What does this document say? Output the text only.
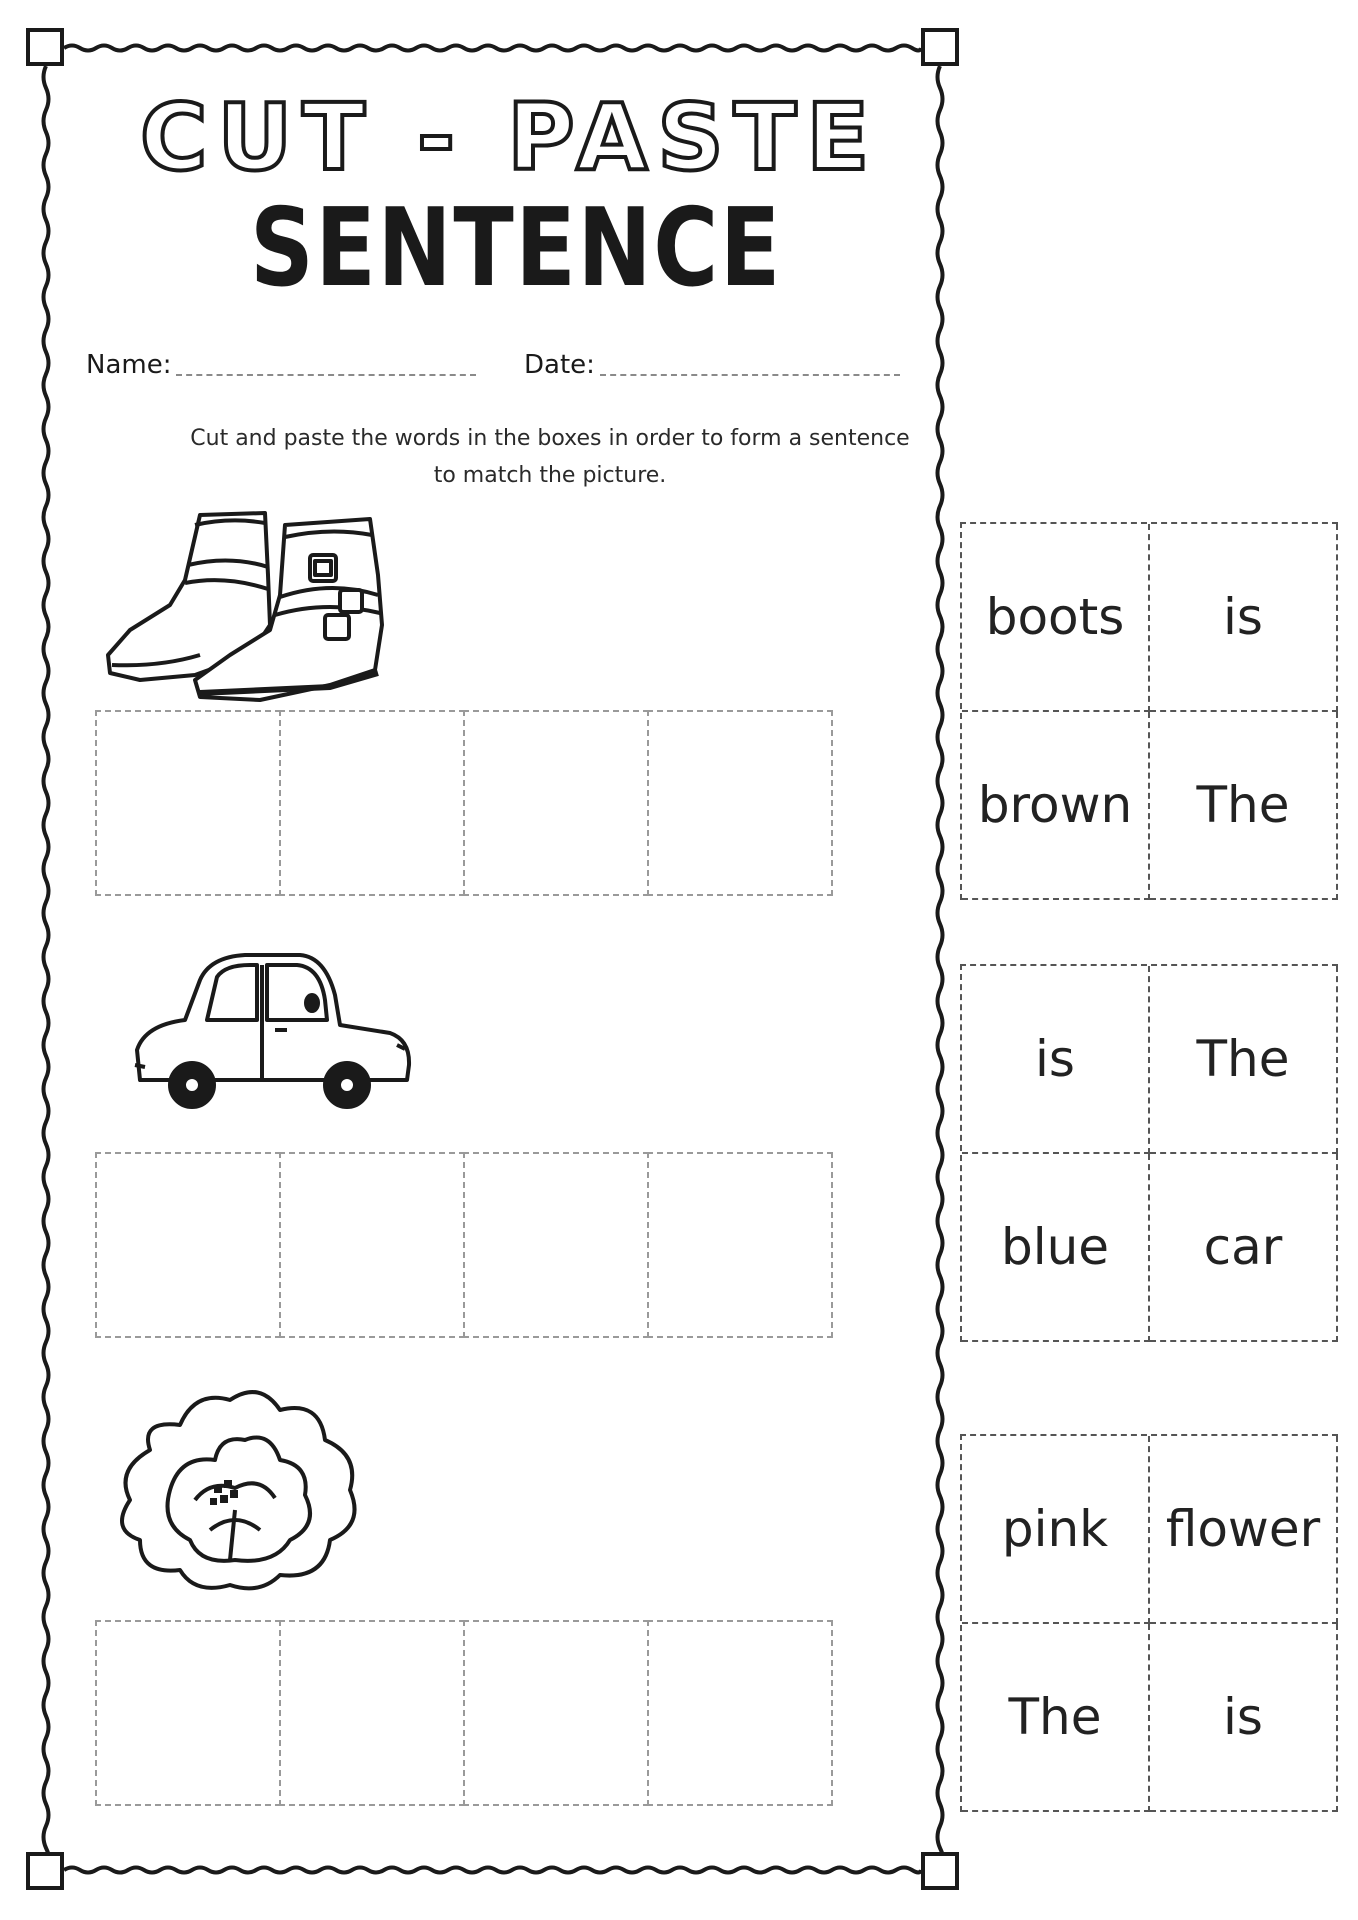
CUT - PASTE
SENTENCE
Name:	Date:
Cut and paste the words in the boxes in order to form a sentence
to match the picture.
boots	is
brown	The
is	The
blue	car
pink	flower
The	is
